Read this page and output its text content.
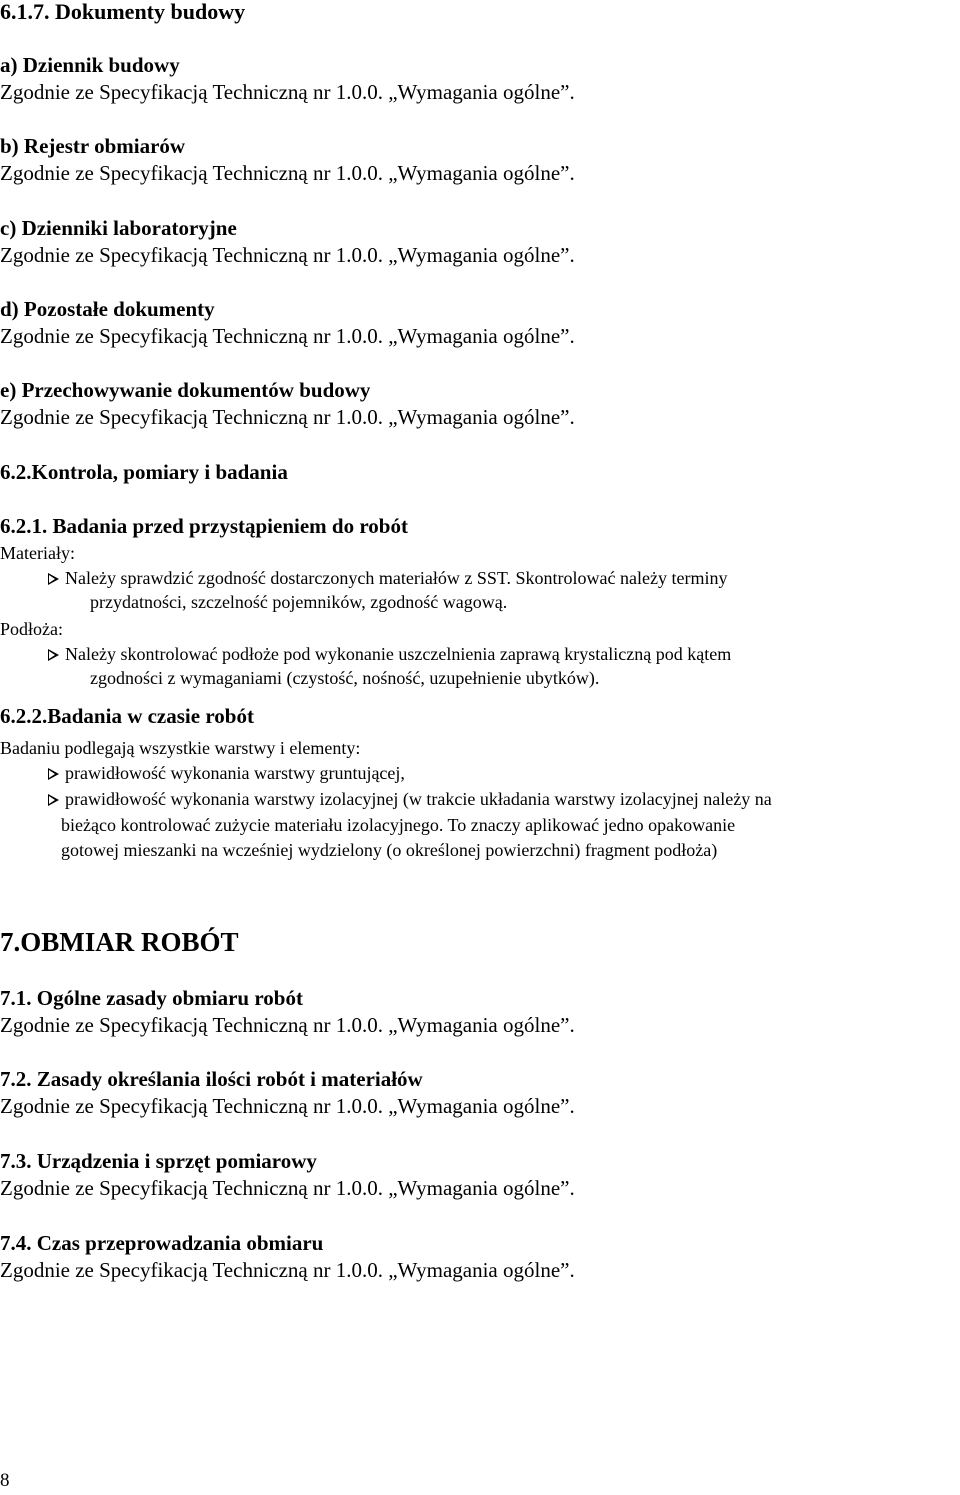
6.1.7. Dokumenty budowy
a) Dziennik budowy
Zgodnie ze Specyfikacją Techniczną nr 1.0.0. „Wymagania ogólne”.
b) Rejestr obmiarów
Zgodnie ze Specyfikacją Techniczną nr 1.0.0. „Wymagania ogólne”.
c) Dzienniki laboratoryjne
Zgodnie ze Specyfikacją Techniczną nr 1.0.0. „Wymagania ogólne”.
d) Pozostałe dokumenty
Zgodnie ze Specyfikacją Techniczną nr 1.0.0. „Wymagania ogólne”.
e) Przechowywanie dokumentów budowy
Zgodnie ze Specyfikacją Techniczną nr 1.0.0. „Wymagania ogólne”.
6.2.Kontrola, pomiary i badania
6.2.1. Badania przed przystąpieniem do robót
Materiały:
Należy sprawdzić zgodność dostarczonych materiałów z SST. Skontrolować należy terminy
przydatności, szczelność pojemników, zgodność wagową.
Podłoża:
Należy skontrolować podłoże pod wykonanie uszczelnienia zaprawą krystaliczną pod kątem
zgodności z wymaganiami (czystość, nośność, uzupełnienie ubytków).
6.2.2.Badania w czasie robót
Badaniu podlegają wszystkie warstwy i elementy:
prawidłowość wykonania warstwy gruntującej,
prawidłowość wykonania warstwy izolacyjnej (w trakcie układania warstwy izolacyjnej należy na
bieżąco kontrolować zużycie materiału izolacyjnego. To znaczy aplikować jedno opakowanie
gotowej mieszanki na wcześniej wydzielony (o określonej powierzchni) fragment podłoża)
7.OBMIAR ROBÓT
7.1. Ogólne zasady obmiaru robót
Zgodnie ze Specyfikacją Techniczną nr 1.0.0. „Wymagania ogólne”.
7.2. Zasady określania ilości robót i materiałów
Zgodnie ze Specyfikacją Techniczną nr 1.0.0. „Wymagania ogólne”.
7.3. Urządzenia i sprzęt pomiarowy
Zgodnie ze Specyfikacją Techniczną nr 1.0.0. „Wymagania ogólne”.
7.4. Czas przeprowadzania obmiaru
Zgodnie ze Specyfikacją Techniczną nr 1.0.0. „Wymagania ogólne”.
8
